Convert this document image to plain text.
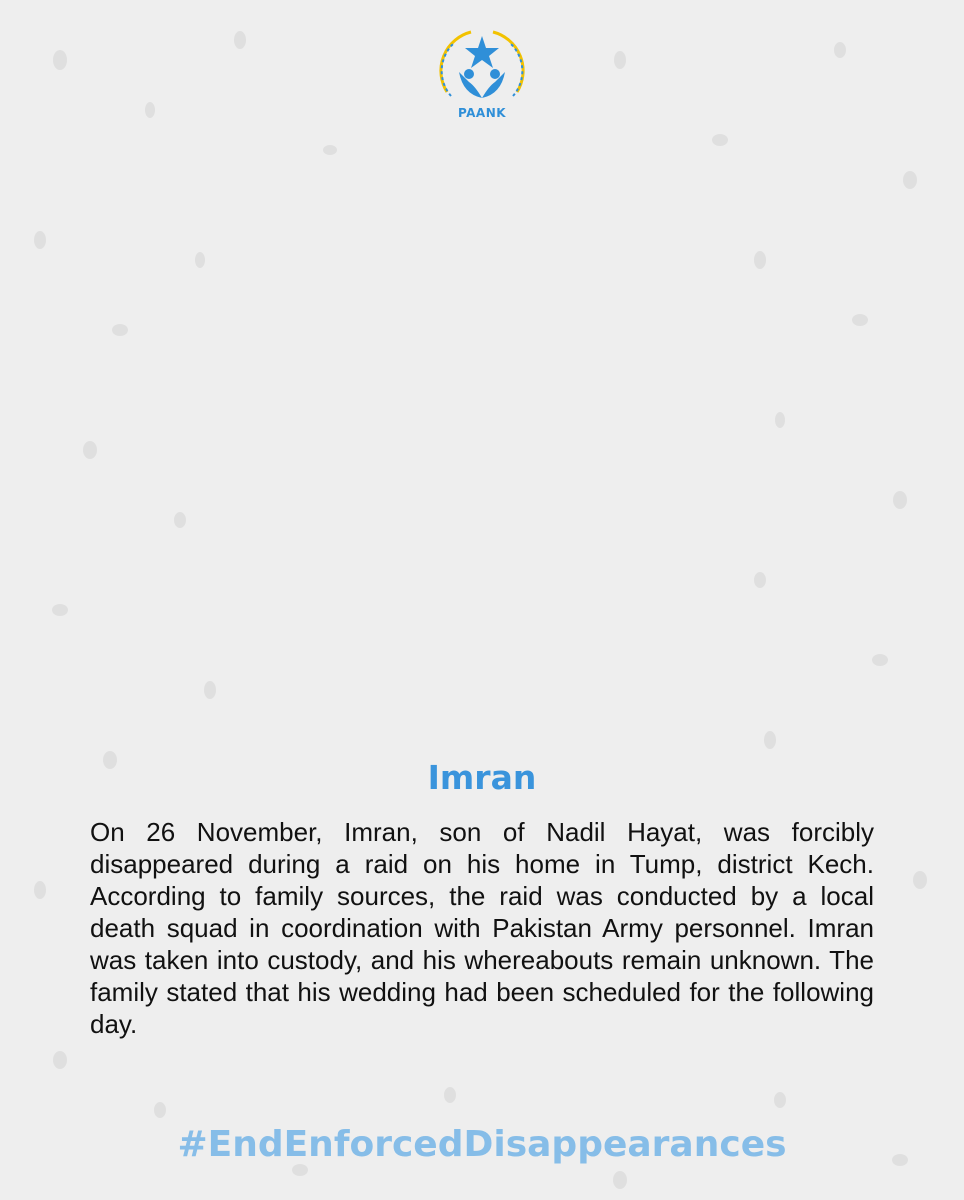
PAANK
Imran
On 26 November, Imran, son of Nadil Hayat, was forcibly disappeared during a raid on his home in Tump, district Kech. According to family sources, the raid was conducted by a local death squad in coordination with Pakistan Army personnel. Imran was taken into custody, and his whereabouts remain unknown. The family stated that his wedding had been scheduled for the following day.
#EndEnforcedDisappearances
